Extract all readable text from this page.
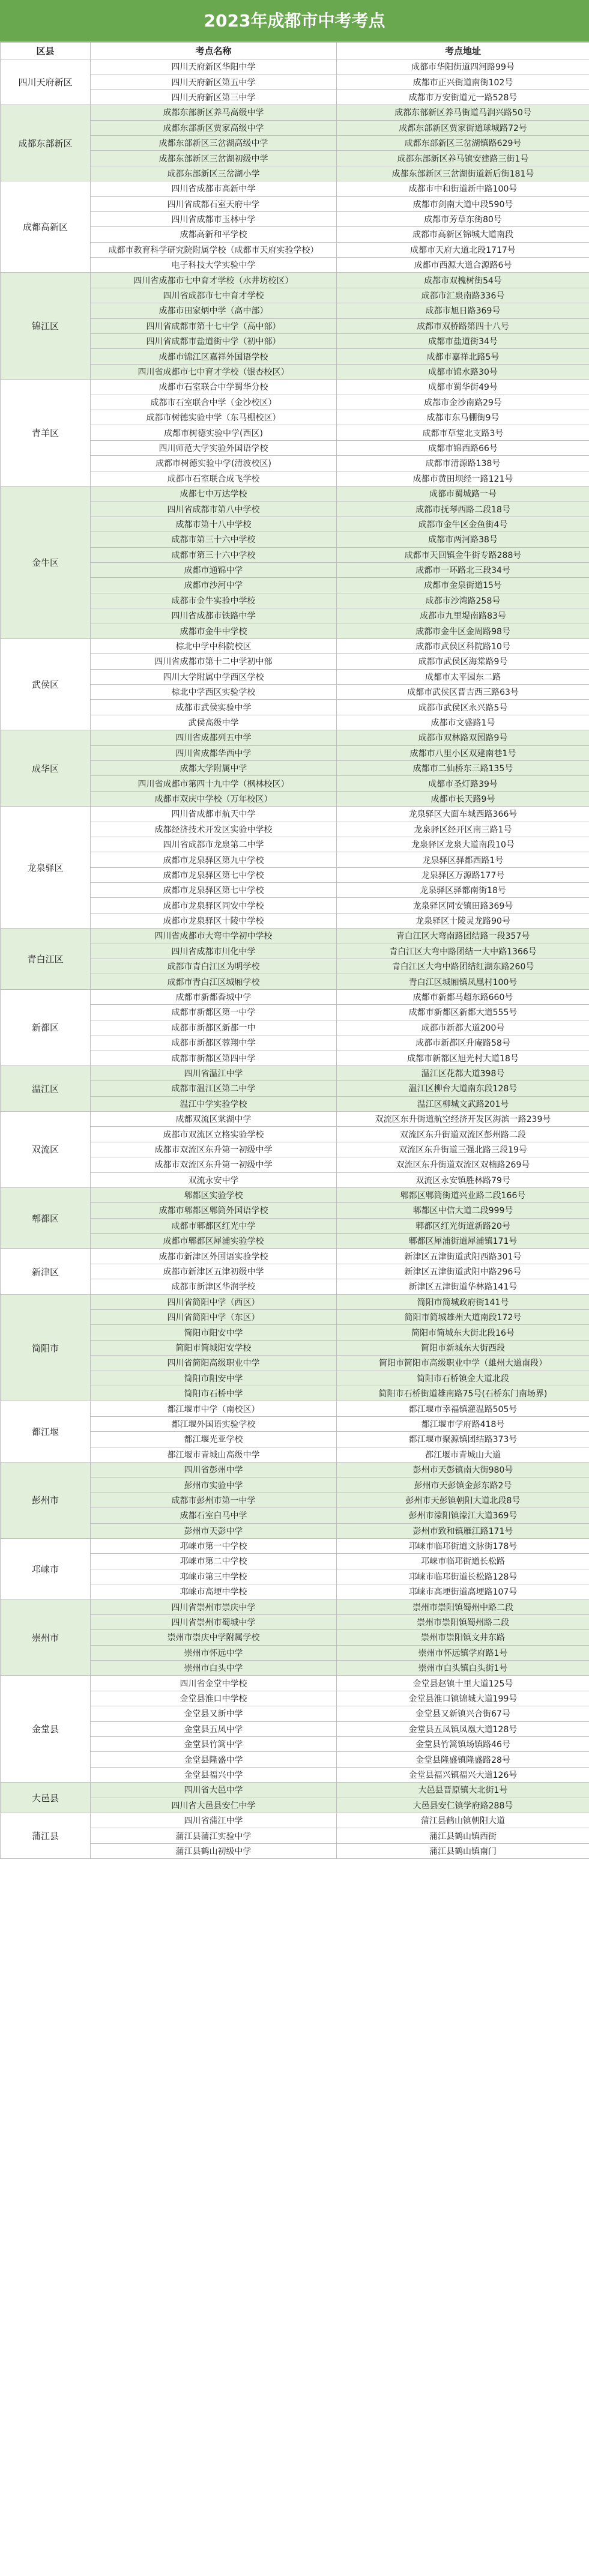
2023年成都市中考考点
区县	考点名称	考点地址
四川天府新区	四川天府新区华阳中学	成都市华阳街道四河路99号
	四川天府新区第五中学	成都市正兴街道南街102号
	四川天府新区第三中学	成都市万安街道元一路528号
成都东部新区	成都东部新区养马高级中学	成都东部新区养马街道马润兴路50号
	成都东部新区贾家高级中学	成都东部新区贾家街道球城路72号
	成都东部新区三岔湖高级中学	成都东部新区三岔湖镇路629号
	成都东部新区三岔湖初级中学	成都东部新区养马镇安建路三街1号
	成都东部新区三岔湖小学	成都东部新区三岔湖街道新后街181号
成都高新区	四川省成都市高新中学	成都市中和街道新中路100号
	四川省成都石室天府中学	成都市剑南大道中段590号
	四川省成都市玉林中学	成都市芳草东街80号
	成都高新和平学校	成都市高新区锦城大道南段
	成都市教育科学研究院附属学校（成都市天府实验学校）	成都市天府大道北段1717号
	电子科技大学实验中学	成都市西源大道合源路6号
锦江区	四川省成都市七中育才学校（水井坊校区）	成都市双槐树街54号
	四川省成都市七中育才学校	成都市汇泉南路336号
	成都市田家炳中学（高中部）	成都市旭日路369号
	四川省成都市第十七中学（高中部）	成都市双桥路第四十八号
	四川省成都市盐道街中学（初中部）	成都市盐道街34号
	成都市锦江区嘉祥外国语学校	成都市嘉祥北路5号
	四川省成都市七中育才学校（银杏校区）	成都市锦水路30号
青羊区	成都市石室联合中学蜀华分校	成都市蜀华街49号
	成都市石室联合中学（金沙校区）	成都市金沙南路29号
	成都市树德实验中学（东马棚校区）	成都市东马棚街9号
	成都市树德实验中学(西区)	成都市草堂北支路3号
	四川师范大学实验外国语学校	成都市锦西路66号
	成都市树德实验中学(清波校区)	成都市清源路138号
	成都市石室联合成飞学校	成都市黄田坝经一路121号
金牛区	成都七中万达学校	成都市蜀城路一号
	四川省成都市第八中学校	成都市抚琴西路二段18号
	成都市第十八中学校	成都市金牛区金鱼街4号
	成都市第三十六中学校	成都市两河路38号
	成都市第三十六中学校	成都市天回镇金牛街专路288号
	成都市通锦中学	成都市一环路北三段34号
	成都市沙河中学	成都市金泉街道15号
	成都市金牛实验中学校	成都市沙湾路258号
	四川省成都市铁路中学	成都市九里堤南路83号
	成都市金牛中学校	成都市金牛区金周路98号
武侯区	棕北中学中科院校区	成都市武侯区科院路10号
	四川省成都市第十二中学初中部	成都市武侯区海棠路9号
	四川大学附属中学西区学校	成都市太平园东二路
	棕北中学西区实验学校	成都市武侯区晋吉西三路63号
	成都市武侯实验中学	成都市武侯区永兴路5号
	武侯高级中学	成都市文盛路1号
成华区	四川省成都列五中学	成都市双林路双园路9号
	四川省成都华西中学	成都市八里小区双建南巷1号
	成都大学附属中学	成都市二仙桥东三路135号
	四川省成都市第四十九中学（枫林校区）	成都市圣灯路39号
	成都市双庆中学校（万年校区）	成都市长天路9号
龙泉驿区	四川省成都市航天中学	龙泉驿区大面车城西路366号
	成都经济技术开发区实验中学校	龙泉驿区经开区南三路1号
	四川省成都市龙泉第二中学	龙泉驿区龙泉大道南段10号
	成都市龙泉驿区第九中学校	龙泉驿区驿都西路1号
	成都市龙泉驿区第七中学校	龙泉驿区万源路177号
	成都市龙泉驿区第七中学校	龙泉驿区驿都南街18号
	成都市龙泉驿区同安中学校	龙泉驿区同安镇田路369号
	成都市龙泉驿区十陵中学校	龙泉驿区十陵灵龙路90号
青白江区	四川省成都市大弯中学初中学校	青白江区大弯南路团结路一段357号
	四川省成都市川化中学	青白江区大弯中路团结一大中路1366号
	成都市青白江区为明学校	青白江区大弯中路团结红湖东路260号
	成都市青白江区城厢学校	青白江区城厢镇凤凰村100号
新都区	成都市新都香城中学	成都市新都马超东路660号
	成都市新都区第一中学	成都市新都区新都大道555号
	成都市新都区新都一中	成都市新都大道200号
	成都市新都区蓉翔中学	成都市新都区升庵路58号
	成都市新都区第四中学	成都市新都区旭光村大道18号
温江区	四川省温江中学	温江区花都大道398号
	成都市温江区第二中学	温江区柳台大道南东段128号
	温江中学实验学校	温江区柳城文武路201号
双流区	成都双流区棠湖中学	双流区东升街道航空经济开发区海滨一路239号
	成都市双流区立格实验学校	双流区东升街道双流区彭州路二段
	成都市双流区东升第一初级中学	双流区东升街道三强北路三段19号
	成都市双流区东升第一初级中学	双流区东升街道双流区双楠路269号
	双流永安中学	双流区永安镇胜林路79号
郫都区	郫都区实验学校	郫都区郫筒街道兴业路二段166号
	成都市郫都区郫筒外国语学校	郫都区中信大道二段999号
	成都市郫都区红光中学	郫都区红光街道新路20号
	成都市郫都区犀浦实验学校	郫都区犀浦街道犀浦镇171号
新津区	成都市新津区外国语实验学校	新津区五津街道武阳西路301号
	成都市新津区五津初级中学	新津区五津街道武阳中路296号
	成都市新津区华润学校	新津区五津街道华林路141号
简阳市	四川省简阳中学（西区）	简阳市简城政府街141号
	四川省简阳中学（东区）	简阳市简城雄州大道南段172号
	简阳市阳安中学	简阳市简城东大街北段16号
	简阳市简城阳安学校	简阳市新城东大街西段
	四川省简阳高级职业中学	简阳市简阳市高级职业中学（雄州大道南段）
	简阳市阳安中学	简阳市石桥镇金大道北段
	简阳市石桥中学	简阳市石桥街道雄南路75号(石桥东门南场界)
都江堰	都江堰市中学（南校区）	都江堰市幸福镇灌温路505号
	都江堰外国语实验学校	都江堰市学府路418号
	都江堰光亚学校	都江堰市聚源镇团结路373号
	都江堰市青城山高级中学	都江堰市青城山大道
彭州市	四川省彭州中学	彭州市天彭镇南大街980号
	彭州市实验中学	彭州市天彭镇金彭东路2号
	成都市彭州市第一中学	彭州市天彭镇朝阳大道北段8号
	成都石室白马中学	彭州市濛阳镇濛江大道369号
	彭州市天彭中学	彭州市致和镇雁江路171号
邛崃市	邛崃市第一中学校	邛崃市临邛街道文脉街178号
	邛崃市第二中学校	邛崃市临邛街道长松路
	邛崃市第三中学校	邛崃市临邛街道长松路128号
	邛崃市高埂中学校	邛崃市高埂街道高埂路107号
崇州市	四川省崇州市崇庆中学	崇州市崇阳镇蜀州中路二段
	四川省崇州市蜀城中学	崇州市崇阳镇蜀州路二段
	崇州市崇庆中学附属学校	崇州市崇阳镇文井东路
	崇州市怀远中学	崇州市怀远镇学府路1号
	崇州市白头中学	崇州市白头镇白头街1号
金堂县	四川省金堂中学校	金堂县赵镇十里大道125号
	金堂县淮口中学校	金堂县淮口镇锦城大道199号
	金堂县又新中学	金堂县又新镇兴合街67号
	金堂县五凤中学	金堂县五凤镇凤凰大道128号
	金堂县竹篙中学	金堂县竹篙镇场镇路46号
	金堂县隆盛中学	金堂县隆盛镇隆盛路28号
	金堂县福兴中学	金堂县福兴镇福兴大道126号
大邑县	四川省大邑中学	大邑县晋原镇大北街1号
	四川省大邑县安仁中学	大邑县安仁镇学府路288号
蒲江县	四川省蒲江中学	蒲江县鹤山镇朝阳大道
	蒲江县蒲江实验中学	蒲江县鹤山镇西街
	蒲江县鹤山初级中学	蒲江县鹤山镇南门
